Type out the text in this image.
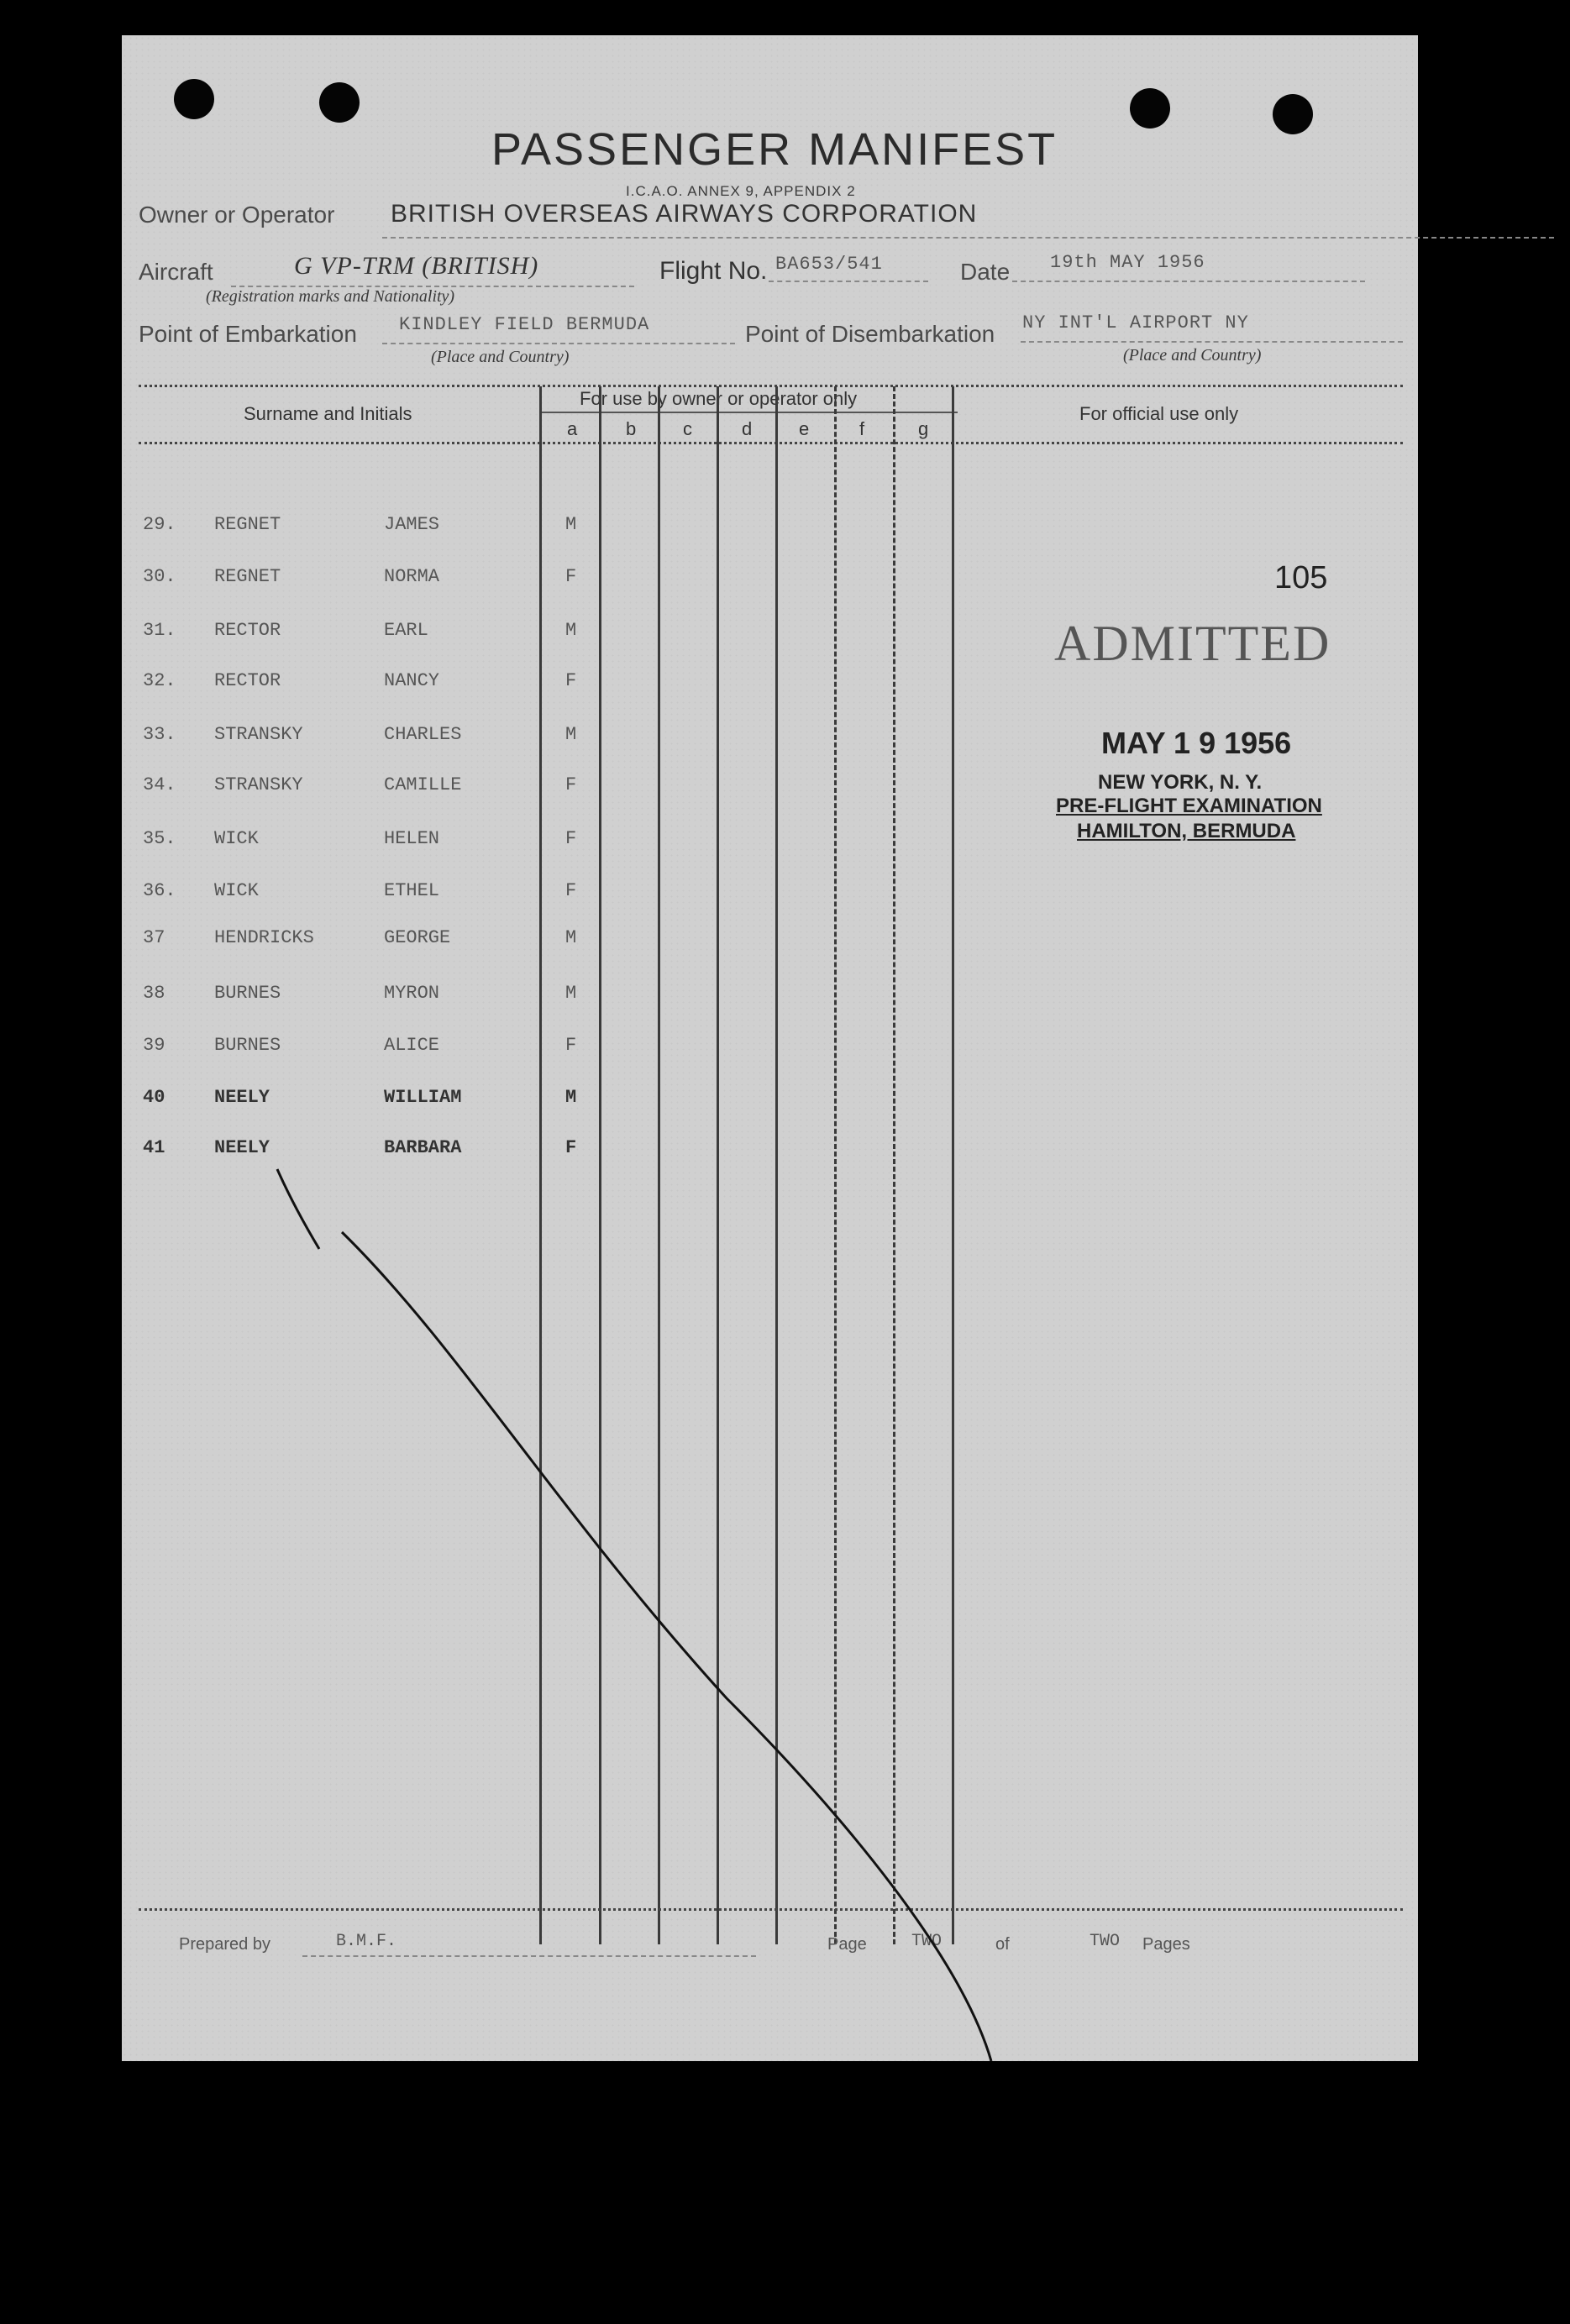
PASSENGER MANIFEST
I.C.A.O. ANNEX 9, APPENDIX 2
Owner or Operator BRITISH OVERSEAS AIRWAYS CORPORATION
Aircraft	G VP-TRM (BRITISH)
(Registration marks and Nationality)
Flight No. BA653/541	Date 19th MAY 1956
Point of Embarkation KINDLEY FIELD BERMUDA
(Place and Country)
Point of Disembarkation NY INT'L AIRPORT NY
(Place and Country)
Surname and Initials
For use by owner or operator only
For official use only
a	b	c	d	e	f	g
29. REGNET	JAMES	M
30. REGNET	NORMA	F
31. RECTOR	EARL	M
32. RECTOR	NANCY	F
33. STRANSKY	CHARLES	M
34. STRANSKY	CAMILLE	F
35. WICK	HELEN	F
36. WICK	ETHEL	F
37	HENDRICKS	GEORGE	M
38	BURNES	MYRON	M
39	BURNES	ALICE	F
40	NEELY	WILLIAM	M
41	NEELY	BARBARA	F
105
ADMITTED
MAY 1 9 1956
NEW YORK, N. Y.
PRE-FLIGHT EXAMINATION
HAMILTON, BERMUDA
Prepared by	B.M.F.	Page	TWO	of	TWO Pages
